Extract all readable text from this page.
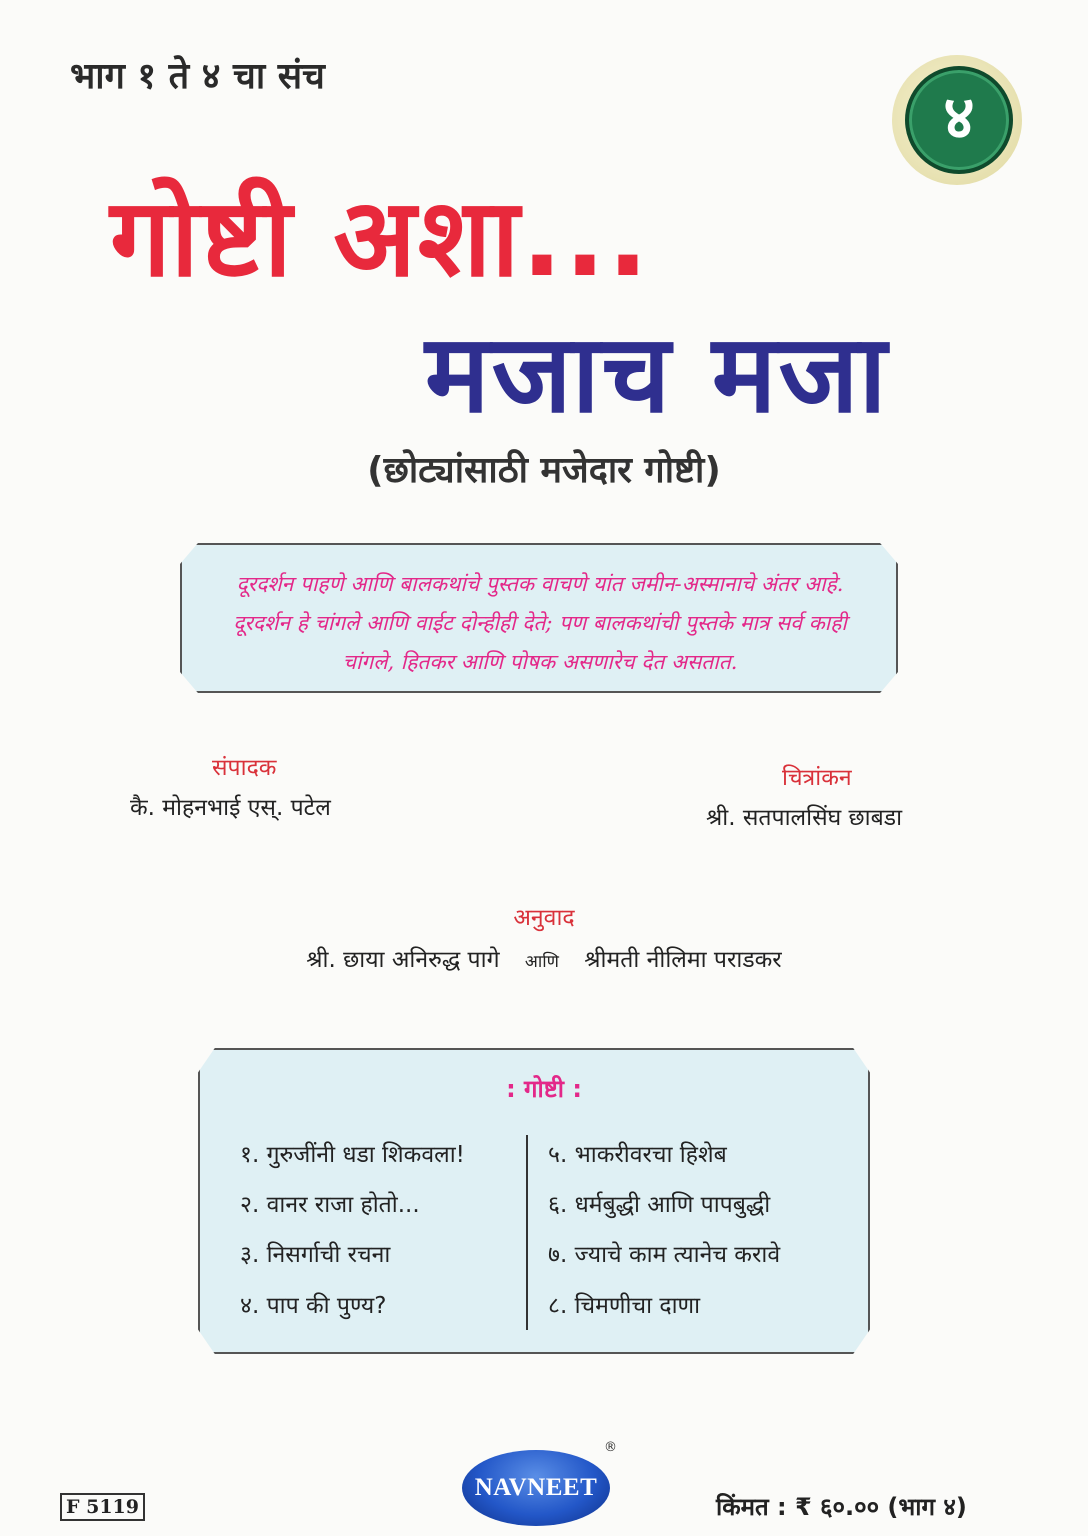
भाग १ ते ४ चा संच
४
गोष्टी अशा...
मजाच मजा
(छोट्यांसाठी मजेदार गोष्टी)
दूरदर्शन पाहणे आणि बालकथांचे पुस्तक वाचणे यांत जमीन-अस्मानाचे अंतर आहे. दूरदर्शन हे चांगले आणि वाईट दोन्हीही देते; पण बालकथांची पुस्तके मात्र सर्व काही चांगले, हितकर आणि पोषक असणारेच देत असतात.
संपादक
कै. मोहनभाई एस्. पटेल
चित्रांकन
श्री. सतपालसिंघ छाबडा
अनुवाद
श्री. छाया अनिरुद्ध पागे आणि श्रीमती नीलिमा पराडकर
: गोष्टी :
१. गुरुजींनी धडा शिकवला!
२. वानर राजा होतो...
३. निसर्गाची रचना
४. पाप की पुण्य?
५. भाकरीवरचा हिशेब
६. धर्मबुद्धी आणि पापबुद्धी
७. ज्याचे काम त्यानेच करावे
८. चिमणीचा दाणा
F 5119
NAVNEET
®
किंमत : ₹ ६०.०० (भाग ४)
